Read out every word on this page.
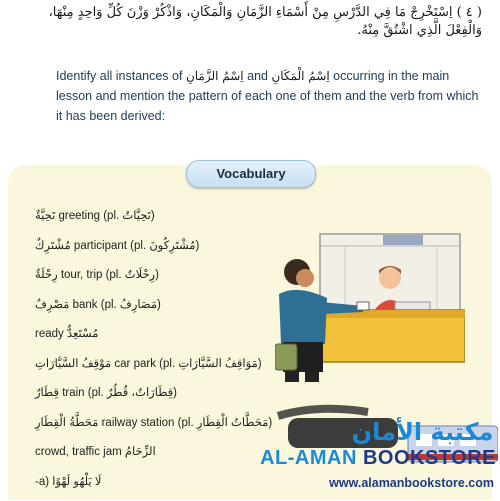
( ٤ ) اِسْتَخْرِجْ مَا فِي الدَّرْسِ مِنْ أَسْمَاءِ الزَّمَانِ وَالْمَكَانِ، وَاذْكُرْ وَزْنَ كُلِّ وَاحِدٍ مِنْهَا، وَالْفِعْلَ الَّذِي اشْتُقَّ مِنْهُ.
Identify all instances of اِسْمُ الزَّمَانِ and اِسْمُ الْمَكَانِ occurring in the main lesson and mention the pattern of each one of them and the verb from which it has been derived:
Vocabulary
(تَحِيَّاتٌ .greeting (pl تَحِيَّةٌ
(مُشْتَرِكُونَ .participant (pl مُشْتَرِكٌ
(رِحْلَاتٌ .tour, trip (pl رِحْلَةٌ
(مَصَارِفُ .bank (pl مَصْرِفٌ
ready مُسْتَعِدٌّ
(مَوَاقِفُ السَّيَّارَاتِ .car park (pl مَوْقِفُ السَّيَّارَاتِ
(قِطَارَاتٌ، قُطُرٌ .train (pl قِطَارٌ
(مَحَطَّاتُ الْقِطَارِ .railway station (pl مَحَطَّةُ الْقِطَارِ
crowd, traffic jam الزِّحَامُ
-a) لَا يَلْهُو لَهْوًا
مكتبة الأمان
AL-AMAN BOOKSTORE
www.alamanbookstore.com
